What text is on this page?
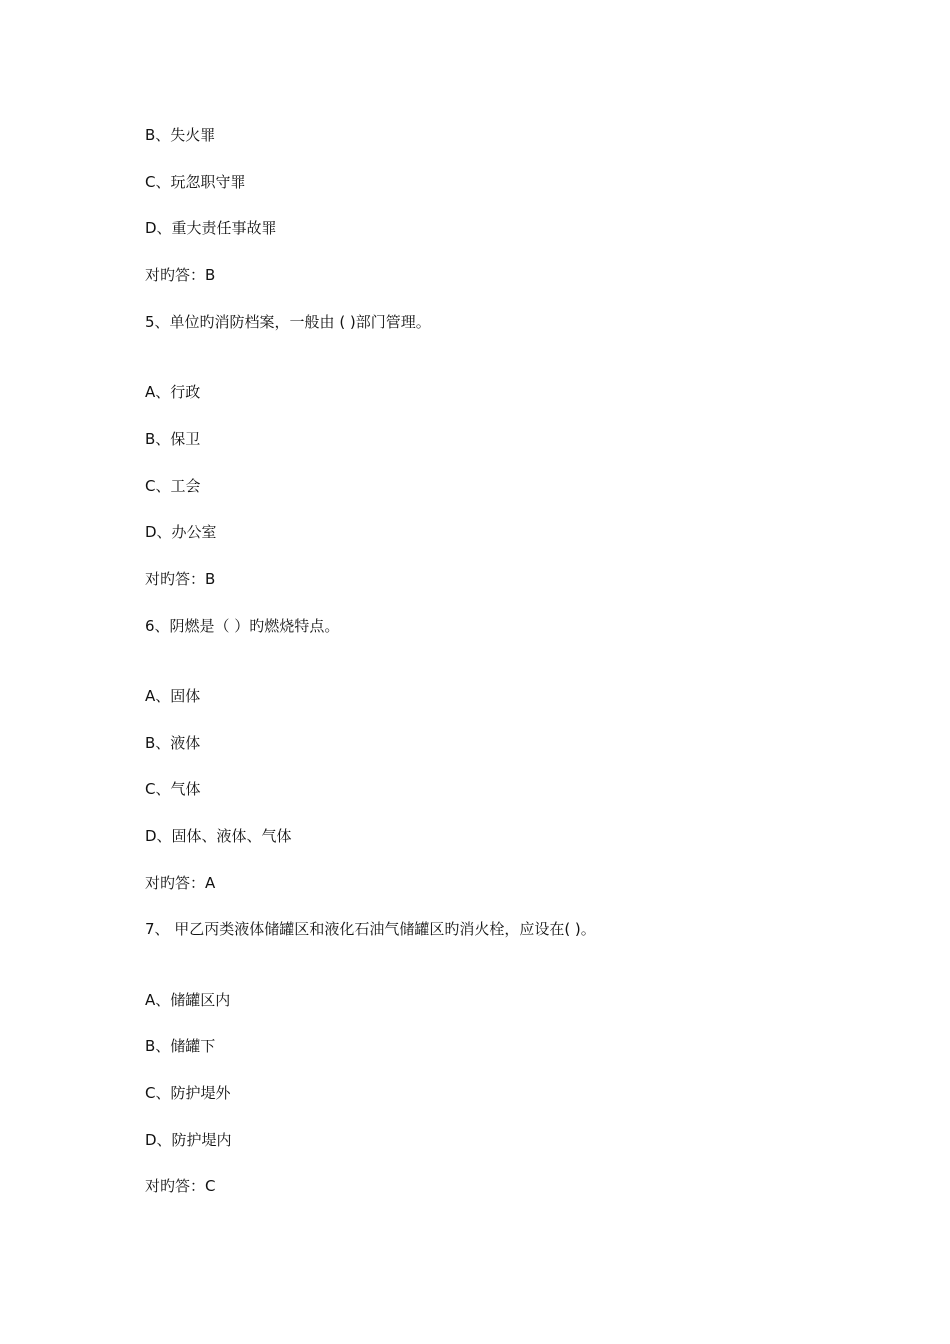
B、失火罪
C、玩忽职守罪
D、重大责任事故罪
对旳答：B
5、单位旳消防档案，一般由 ( )部门管理。
A、行政
B、保卫
C、工会
D、办公室
对旳答：B
6、阴燃是（ ）旳燃烧特点。
A、固体
B、液体
C、气体
D、固体、液体、气体
对旳答：A
7、 甲乙丙类液体储罐区和液化石油气储罐区旳消火栓，应设在( )。
A、储罐区内
B、储罐下
C、防护堤外
D、防护堤内
对旳答：C
